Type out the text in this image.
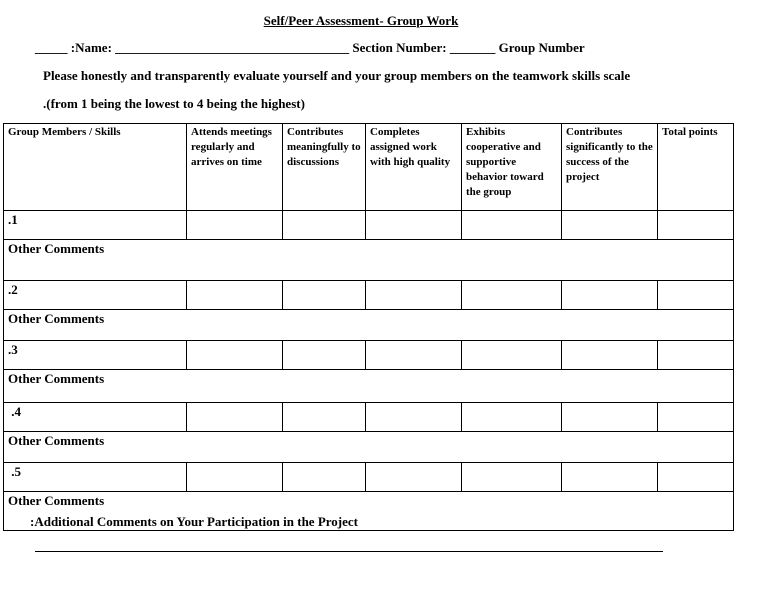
Self/Peer Assessment- Group Work
_____ :Name: ____________________________________ Section Number: _______ Group Number
Please honestly and transparently evaluate yourself and your group members on the teamwork skills scale
.(from 1 being the lowest to 4 being the highest)
Group Members / Skills	Attends meetings regularly and arrives on time	Contributes meaningfully to discussions	Completes assigned work with high quality	Exhibits cooperative and supportive behavior toward the group	Contributes significantly to the success of the project	Total points
.1						
Other Comments						
.2						
Other Comments						
.3						
Other Comments						
.4						
Other Comments						
.5						
Other Comments						
:Additional Comments on Your Participation in the Project
